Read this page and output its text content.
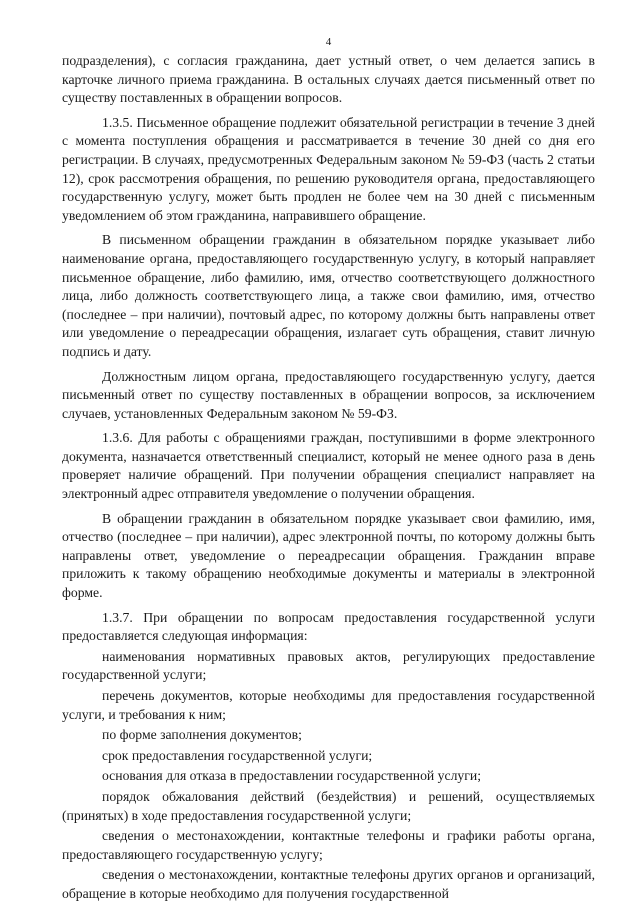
4

подразделения), с согласия гражданина, дает устный ответ, о чем делается запись в карточке личного приема гражданина. В остальных случаях дается письменный ответ по существу поставленных в обращении вопросов.

1.3.5. Письменное обращение подлежит обязательной регистрации в течение 3 дней с момента поступления обращения и рассматривается в течение 30 дней со дня его регистрации. В случаях, предусмотренных Федеральным законом № 59-ФЗ (часть 2 статьи 12), срок рассмотрения обращения, по решению руководителя органа, предоставляющего государственную услугу, может быть продлен не более чем на 30 дней с письменным уведомлением об этом гражданина, направившего обращение.

В письменном обращении гражданин в обязательном порядке указывает либо наименование органа, предоставляющего государственную услугу, в который направляет письменное обращение, либо фамилию, имя, отчество соответствующего должностного лица, либо должность соответствующего лица, а также свои фамилию, имя, отчество (последнее – при наличии), почтовый адрес, по которому должны быть направлены ответ или уведомление о переадресации обращения, излагает суть обращения, ставит личную подпись и дату.

Должностным лицом органа, предоставляющего государственную услугу, дается письменный ответ по существу поставленных в обращении вопросов, за исключением случаев, установленных Федеральным законом № 59-ФЗ.

1.3.6. Для работы с обращениями граждан, поступившими в форме электронного документа, назначается ответственный специалист, который не менее одного раза в день проверяет наличие обращений. При получении обращения специалист направляет на электронный адрес отправителя уведомление о получении обращения.

В обращении гражданин в обязательном порядке указывает свои фамилию, имя, отчество (последнее – при наличии), адрес электронной почты, по которому должны быть направлены ответ, уведомление о переадресации обращения. Гражданин вправе приложить к такому обращению необходимые документы и материалы в электронной форме.

1.3.7. При обращении по вопросам предоставления государственной услуги предоставляется следующая информация:

наименования нормативных правовых актов, регулирующих предоставление государственной услуги;

перечень документов, которые необходимы для предоставления государственной услуги, и требования к ним;

по форме заполнения документов;

срок предоставления государственной услуги;

основания для отказа в предоставлении государственной услуги;

порядок обжалования действий (бездействия) и решений, осуществляемых (принятых) в ходе предоставления государственной услуги;

сведения о местонахождении, контактные телефоны и графики работы органа, предоставляющего государственную услугу;

сведения о местонахождении, контактные телефоны других органов и организаций, обращение в которые необходимо для получения государственной
